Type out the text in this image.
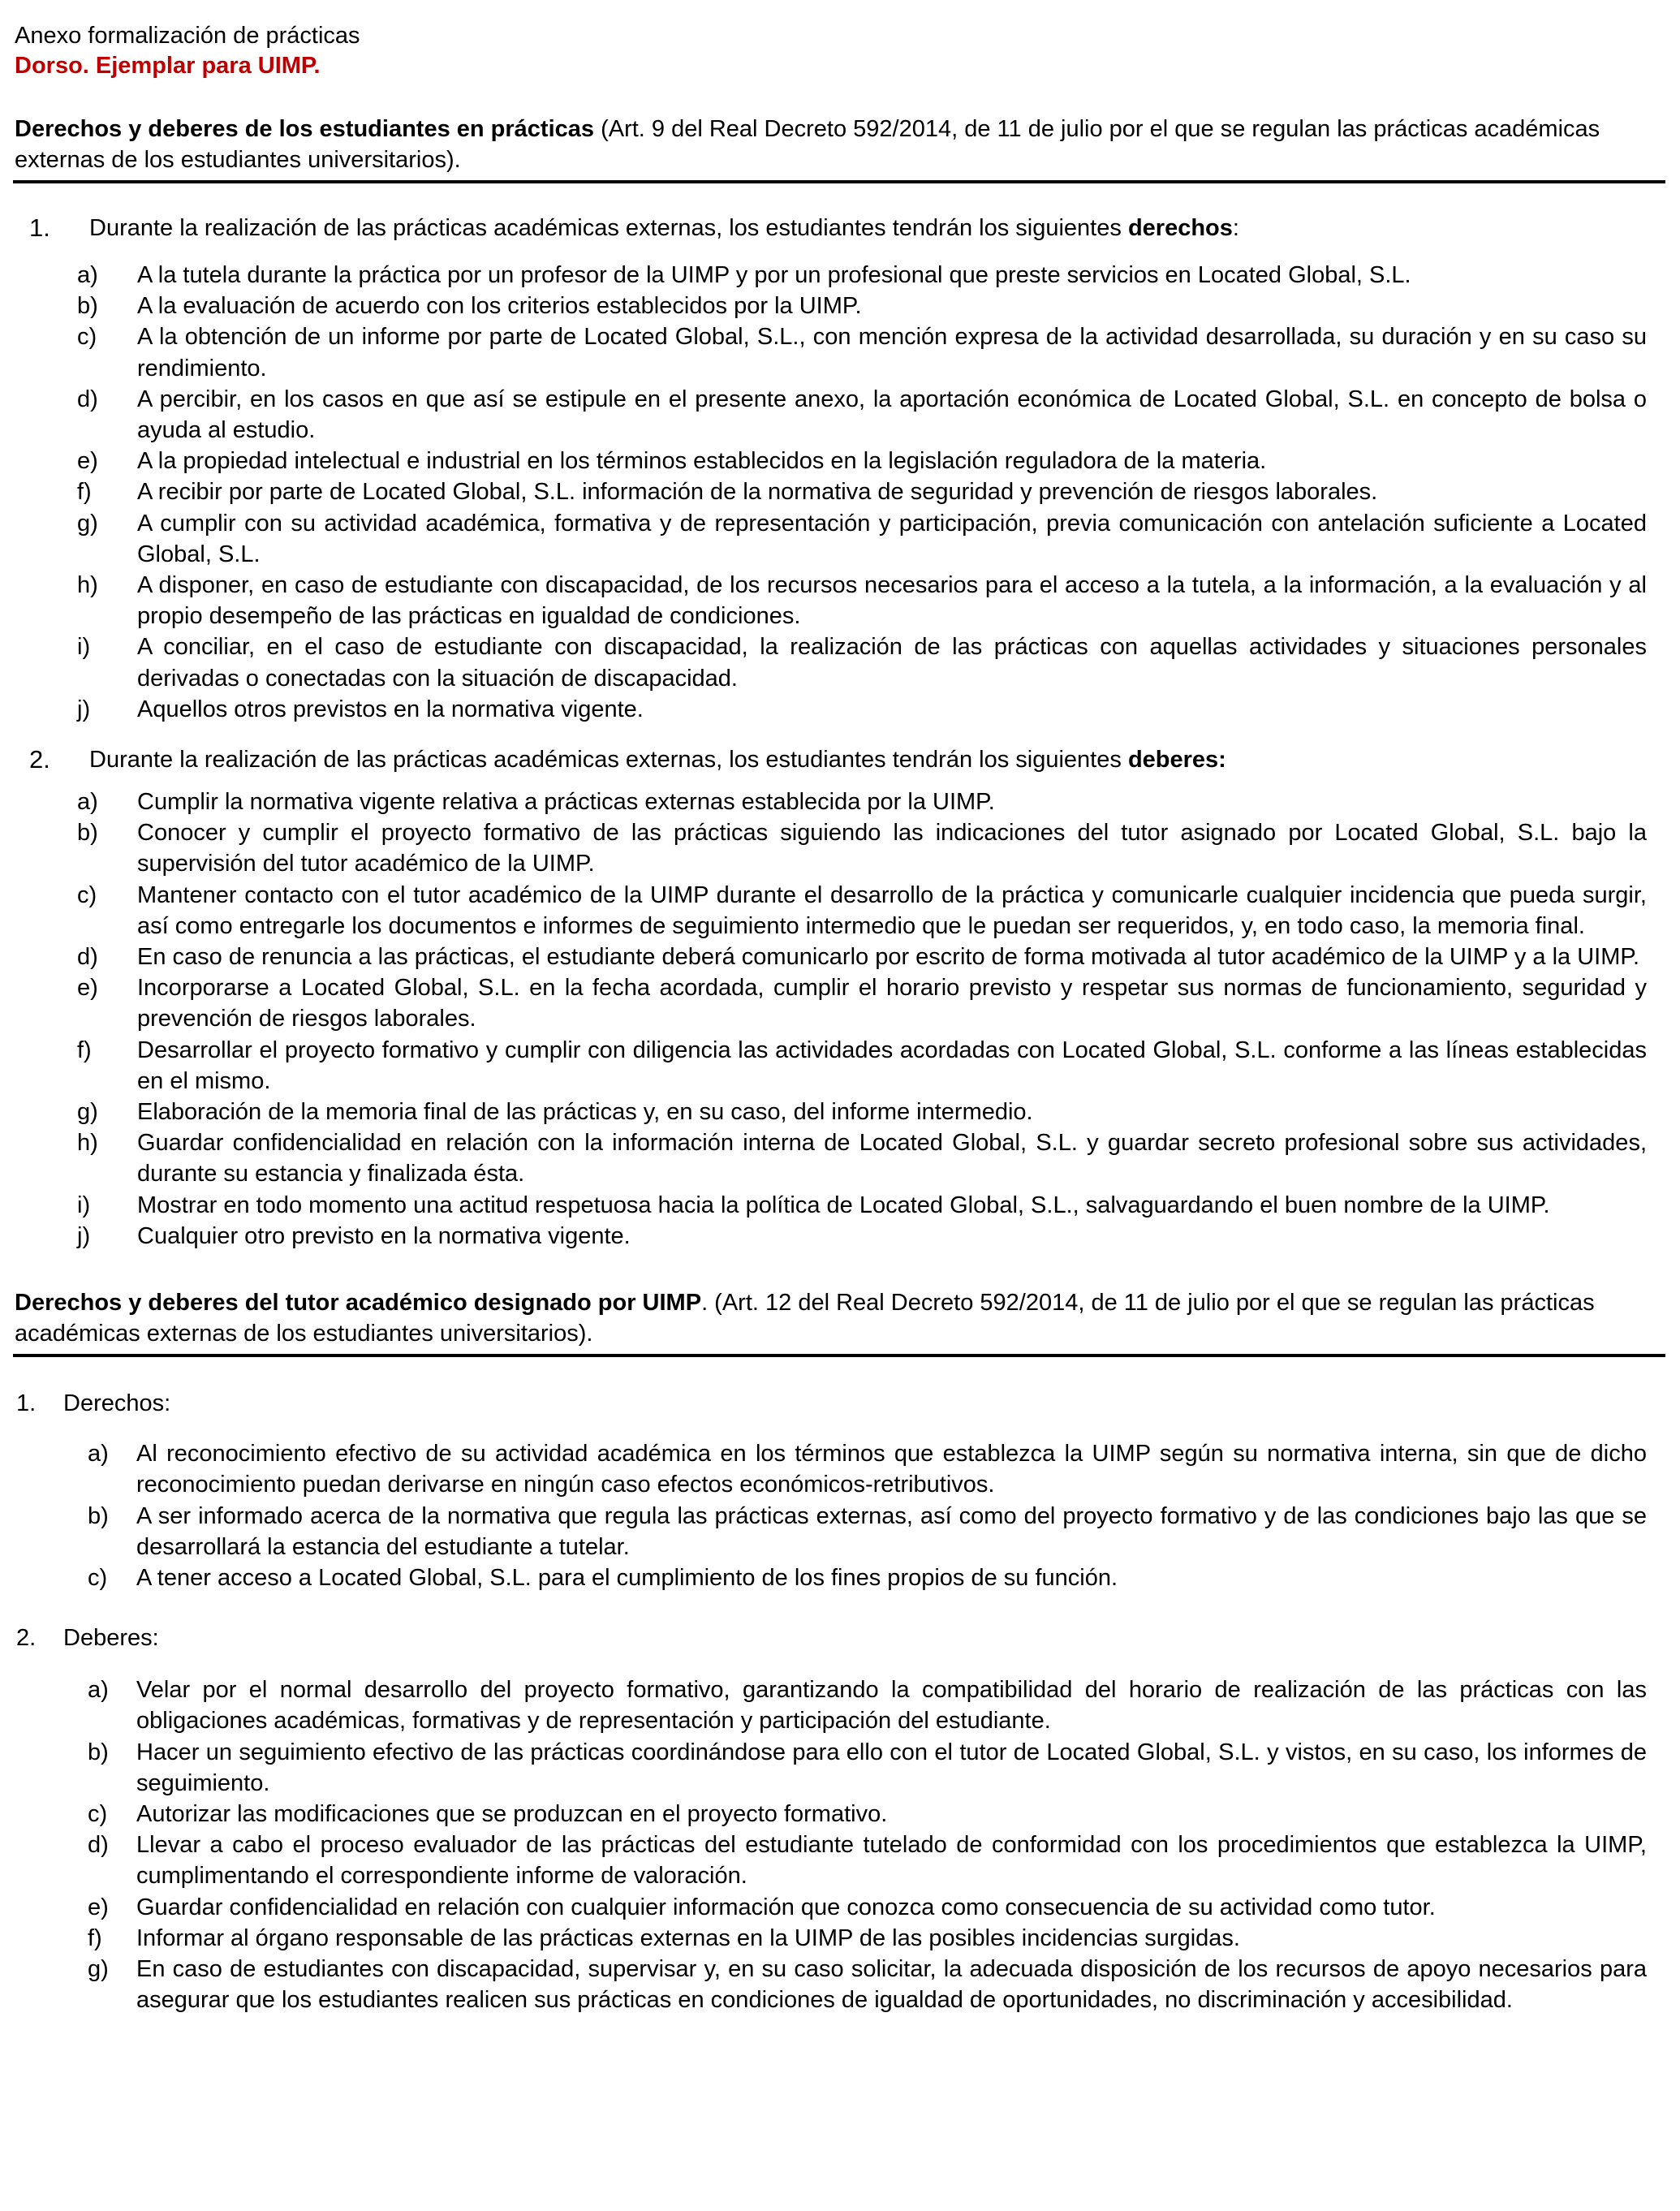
Anexo formalización de prácticas
Dorso. Ejemplar para UIMP.
Derechos y deberes de los estudiantes en prácticas (Art. 9 del Real Decreto 592/2014, de 11 de julio por el que se regulan las prácticas académicas externas de los estudiantes universitarios).
1.	Durante la realización de las prácticas académicas externas, los estudiantes tendrán los siguientes derechos:
a) A la tutela durante la práctica por un profesor de la UIMP y por un profesional que preste servicios en Located Global, S.L.
b) A la evaluación de acuerdo con los criterios establecidos por la UIMP.
c) A la obtención de un informe por parte de Located Global, S.L., con mención expresa de la actividad desarrollada, su duración y en su caso su rendimiento.
d) A percibir, en los casos en que así se estipule en el presente anexo, la aportación económica de Located Global, S.L. en concepto de bolsa o ayuda al estudio.
e) A la propiedad intelectual e industrial en los términos establecidos en la legislación reguladora de la materia.
f) A recibir por parte de Located Global, S.L. información de la normativa de seguridad y prevención de riesgos laborales.
g) A cumplir con su actividad académica, formativa y de representación y participación, previa comunicación con antelación suficiente a Located Global, S.L.
h) A disponer, en caso de estudiante con discapacidad, de los recursos necesarios para el acceso a la tutela, a la información, a la evaluación y al propio desempeño de las prácticas en igualdad de condiciones.
i) A conciliar, en el caso de estudiante con discapacidad, la realización de las prácticas con aquellas actividades y situaciones personales derivadas o conectadas con la situación de discapacidad.
j) Aquellos otros previstos en la normativa vigente.
2.	Durante la realización de las prácticas académicas externas, los estudiantes tendrán los siguientes deberes:
a) Cumplir la normativa vigente relativa a prácticas externas establecida por la UIMP.
b) Conocer y cumplir el proyecto formativo de las prácticas siguiendo las indicaciones del tutor asignado por Located Global, S.L. bajo la supervisión del tutor académico de la UIMP.
c) Mantener contacto con el tutor académico de la UIMP durante el desarrollo de la práctica y comunicarle cualquier incidencia que pueda surgir, así como entregarle los documentos e informes de seguimiento intermedio que le puedan ser requeridos, y, en todo caso, la memoria final.
d) En caso de renuncia a las prácticas, el estudiante deberá comunicarlo por escrito de forma motivada al tutor académico de la UIMP y a la UIMP.
e) Incorporarse a Located Global, S.L. en la fecha acordada, cumplir el horario previsto y respetar sus normas de funcionamiento, seguridad y prevención de riesgos laborales.
f) Desarrollar el proyecto formativo y cumplir con diligencia las actividades acordadas con Located Global, S.L. conforme a las líneas establecidas en el mismo.
g) Elaboración de la memoria final de las prácticas y, en su caso, del informe intermedio.
h) Guardar confidencialidad en relación con la información interna de Located Global, S.L. y guardar secreto profesional sobre sus actividades, durante su estancia y finalizada ésta.
i) Mostrar en todo momento una actitud respetuosa hacia la política de Located Global, S.L., salvaguardando el buen nombre de la UIMP.
j) Cualquier otro previsto en la normativa vigente.
Derechos y deberes del tutor académico designado por UIMP. (Art. 12 del Real Decreto 592/2014, de 11 de julio por el que se regulan las prácticas académicas externas de los estudiantes universitarios).
1.	Derechos:
a) Al reconocimiento efectivo de su actividad académica en los términos que establezca la UIMP según su normativa interna, sin que de dicho reconocimiento puedan derivarse en ningún caso efectos económicos-retributivos.
b) A ser informado acerca de la normativa que regula las prácticas externas, así como del proyecto formativo y de las condiciones bajo las que se desarrollará la estancia del estudiante a tutelar.
c) A tener acceso a Located Global, S.L. para el cumplimiento de los fines propios de su función.
2.	Deberes:
a) Velar por el normal desarrollo del proyecto formativo, garantizando la compatibilidad del horario de realización de las prácticas con las obligaciones académicas, formativas y de representación y participación del estudiante.
b) Hacer un seguimiento efectivo de las prácticas coordinándose para ello con el tutor de Located Global, S.L. y vistos, en su caso, los informes de seguimiento.
c) Autorizar las modificaciones que se produzcan en el proyecto formativo.
d) Llevar a cabo el proceso evaluador de las prácticas del estudiante tutelado de conformidad con los procedimientos que establezca la UIMP, cumplimentando el correspondiente informe de valoración.
e) Guardar confidencialidad en relación con cualquier información que conozca como consecuencia de su actividad como tutor.
f) Informar al órgano responsable de las prácticas externas en la UIMP de las posibles incidencias surgidas.
g) En caso de estudiantes con discapacidad, supervisar y, en su caso solicitar, la adecuada disposición de los recursos de apoyo necesarios para asegurar que los estudiantes realicen sus prácticas en condiciones de igualdad de oportunidades, no discriminación y accesibilidad.
